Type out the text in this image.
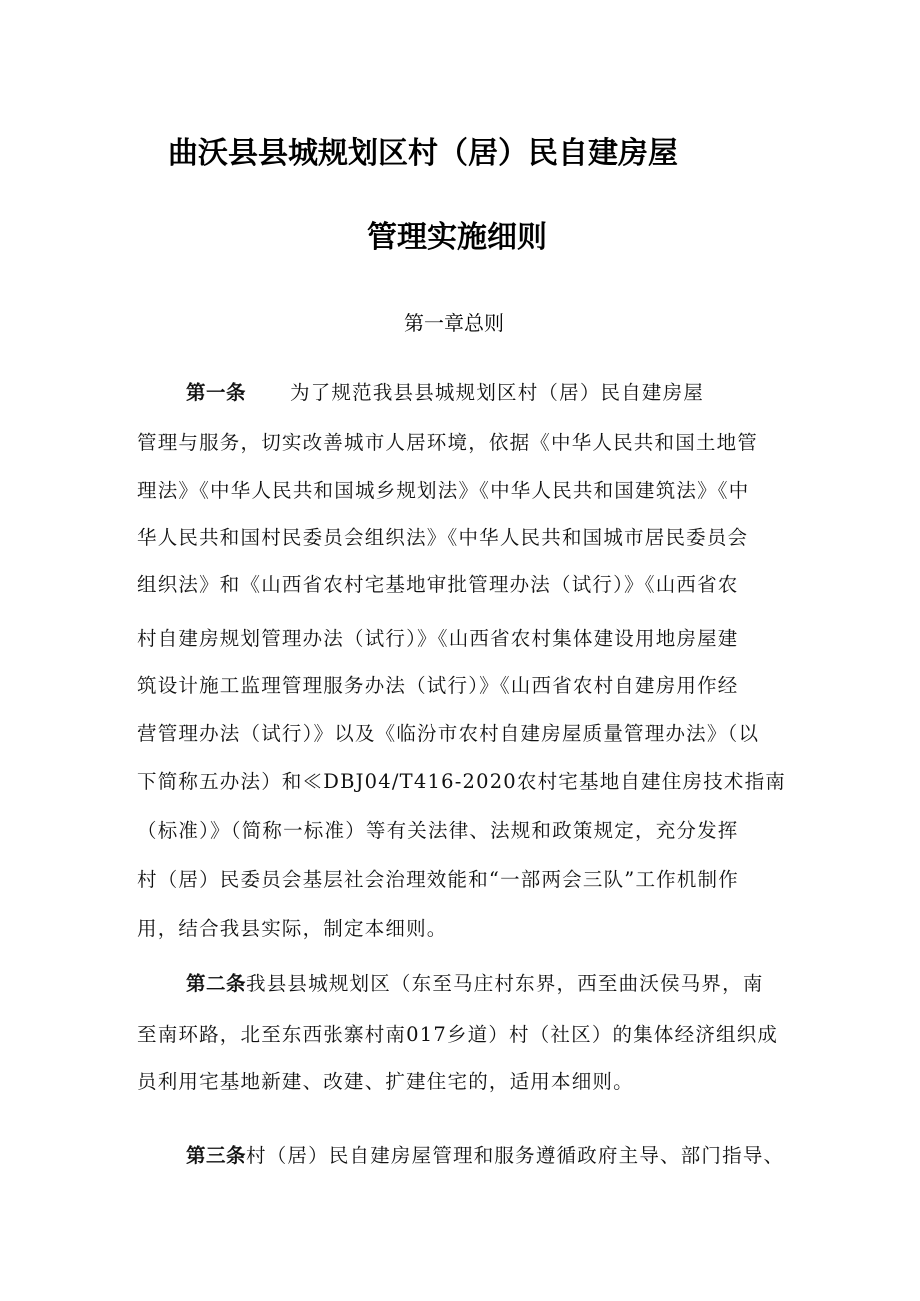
曲沃县县城规划区村（居）民自建房屋
管理实施细则
第一章总则
第一条 为了规范我县县城规划区村（居）民自建房屋
管理与服务，切实改善城市人居环境，依据《中华人民共和国土地管
理法》《中华人民共和国城乡规划法》《中华人民共和国建筑法》《中
华人民共和国村民委员会组织法》《中华人民共和国城市居民委员会
组织法》和《山西省农村宅基地审批管理办法（试行）》《山西省农
村自建房规划管理办法（试行）》《山西省农村集体建设用地房屋建
筑设计施工监理管理服务办法（试行）》《山西省农村自建房用作经
营管理办法（试行）》以及《临汾市农村自建房屋质量管理办法》（以
下简称五办法）和≪DBJ04/T416-2020农村宅基地自建住房技术指南
（标准）》（简称一标准）等有关法律、法规和政策规定，充分发挥
村（居）民委员会基层社会治理效能和“一部两会三队”工作机制作
用，结合我县实际，制定本细则。
第二条我县县城规划区（东至马庄村东界，西至曲沃侯马界，南
至南环路，北至东西张寨村南017乡道）村（社区）的集体经济组织成
员利用宅基地新建、改建、扩建住宅的，适用本细则。
第三条村（居）民自建房屋管理和服务遵循政府主导、部门指导、
